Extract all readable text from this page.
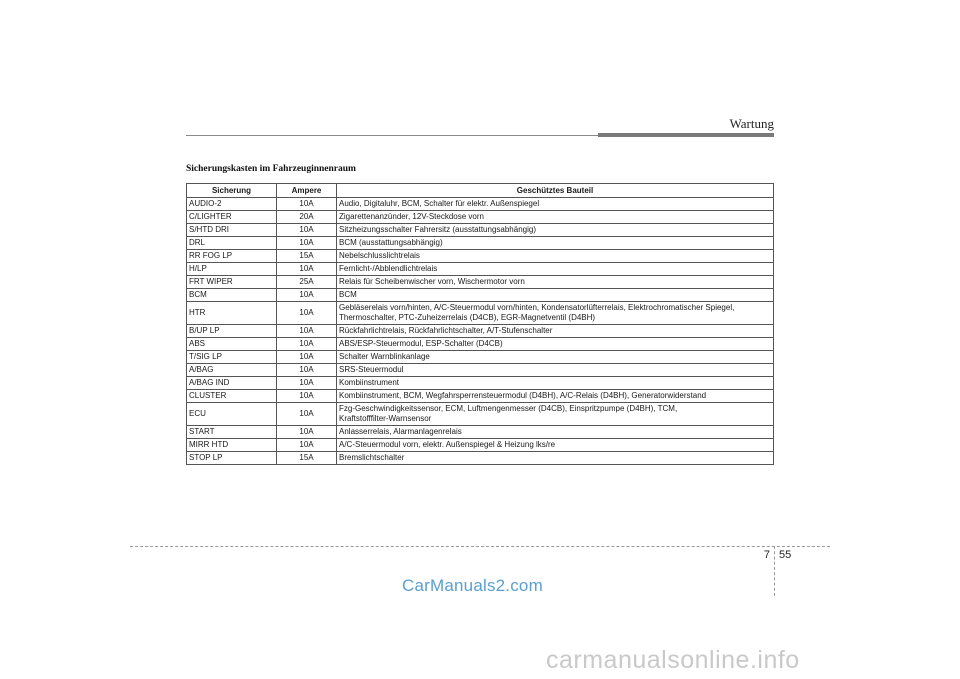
Wartung
Sicherungskasten im Fahrzeuginnenraum
Sicherung	Ampere	Geschütztes Bauteil
AUDIO-2	10A	Audio, Digitaluhr, BCM, Schalter für elektr. Außenspiegel
C/LIGHTER	20A	Zigarettenanzünder, 12V-Steckdose vorn
S/HTD DRI	10A	Sitzheizungsschalter Fahrersitz (ausstattungsabhängig)
DRL	10A	BCM (ausstattungsabhängig)
RR FOG LP	15A	Nebelschlusslichtrelais
H/LP	10A	Fernlicht-/Abblendlichtrelais
FRT WIPER	25A	Relais für Scheibenwischer vorn, Wischermotor vorn
BCM	10A	BCM
HTR	10A	Gebläserelais vorn/hinten, A/C-Steuermodul vorn/hinten, Kondensatorlüfterrelais, Elektrochromatischer Spiegel,
Thermoschalter, PTC-Zuheizerrelais (D4CB), EGR-Magnetventil (D4BH)

B/UP LP	10A	Rückfahrlichtrelais, Rückfahrlichtschalter, A/T-Stufenschalter
ABS	10A	ABS/ESP-Steuermodul, ESP-Schalter (D4CB)
T/SIG LP	10A	Schalter Warnblinkanlage
A/BAG	10A	SRS-Steuermodul
A/BAG IND	10A	Kombiinstrument
CLUSTER	10A	Kombiinstrument, BCM, Wegfahrsperrensteuermodul (D4BH), A/C-Relais (D4BH), Generatorwiderstand
ECU	10A	Fzg-Geschwindigkeitssensor, ECM, Luftmengenmesser (D4CB), Einspritzpumpe (D4BH), TCM,
Kraftstofffilter-Warnsensor

START	10A	Anlasserrelais, Alarmanlagenrelais
MIRR HTD	10A	A/C-Steuermodul vorn, elektr. Außenspiegel & Heizung lks/re
STOP LP	15A	Bremslichtschalter
7 55
CarManuals2.com
carmanualsonline.info
